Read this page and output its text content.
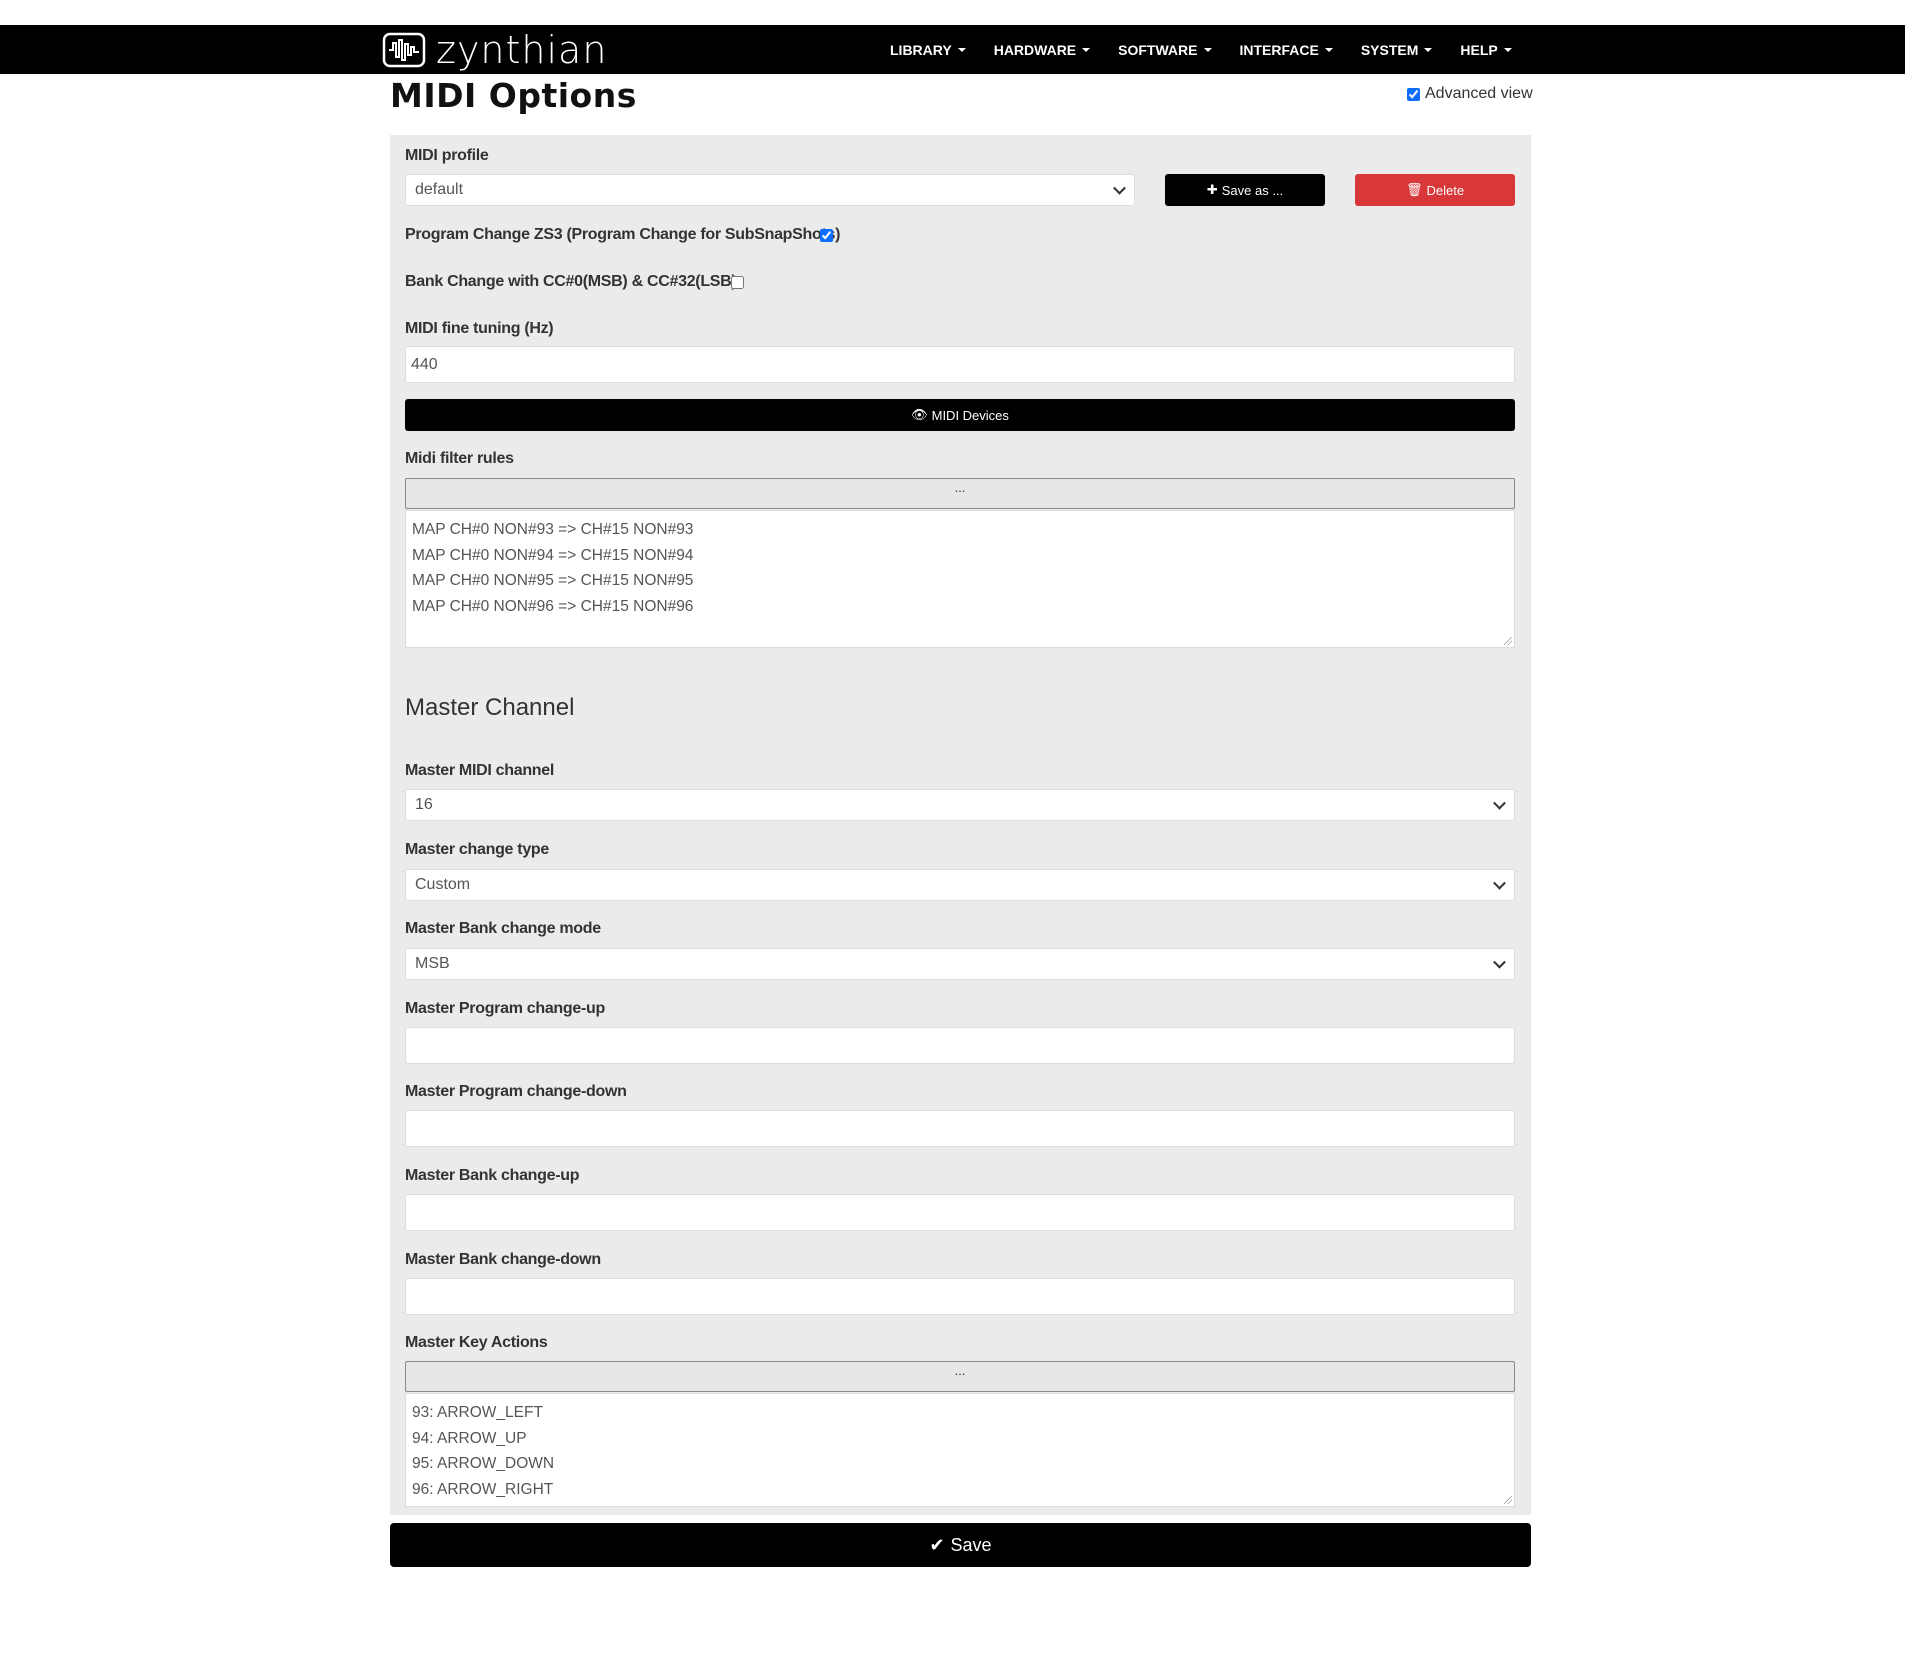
zynthian	LIBRARY	HARDWARE	SOFTWARE	INTERFACE	SYSTEM	HELP
MIDI Options	Advanced view
MIDI profile
default	✚ Save as ...	🗑 Delete
Program Change ZS3 (Program Change for SubSnapShots)
Bank Change with CC#0(MSB) & CC#32(LSB)
MIDI fine tuning (Hz)
440
👁 MIDI Devices
Midi filter rules
...
MAP CH#0 NON#93 => CH#15 NON#93
MAP CH#0 NON#94 => CH#15 NON#94
MAP CH#0 NON#95 => CH#15 NON#95
MAP CH#0 NON#96 => CH#15 NON#96
Master Channel
Master MIDI channel
16
Master change type
Custom
Master Bank change mode
MSB
Master Program change-up
Master Program change-down
Master Bank change-up
Master Bank change-down
Master Key Actions
...
93: ARROW_LEFT
94: ARROW_UP
95: ARROW_DOWN
96: ARROW_RIGHT
✔ Save
